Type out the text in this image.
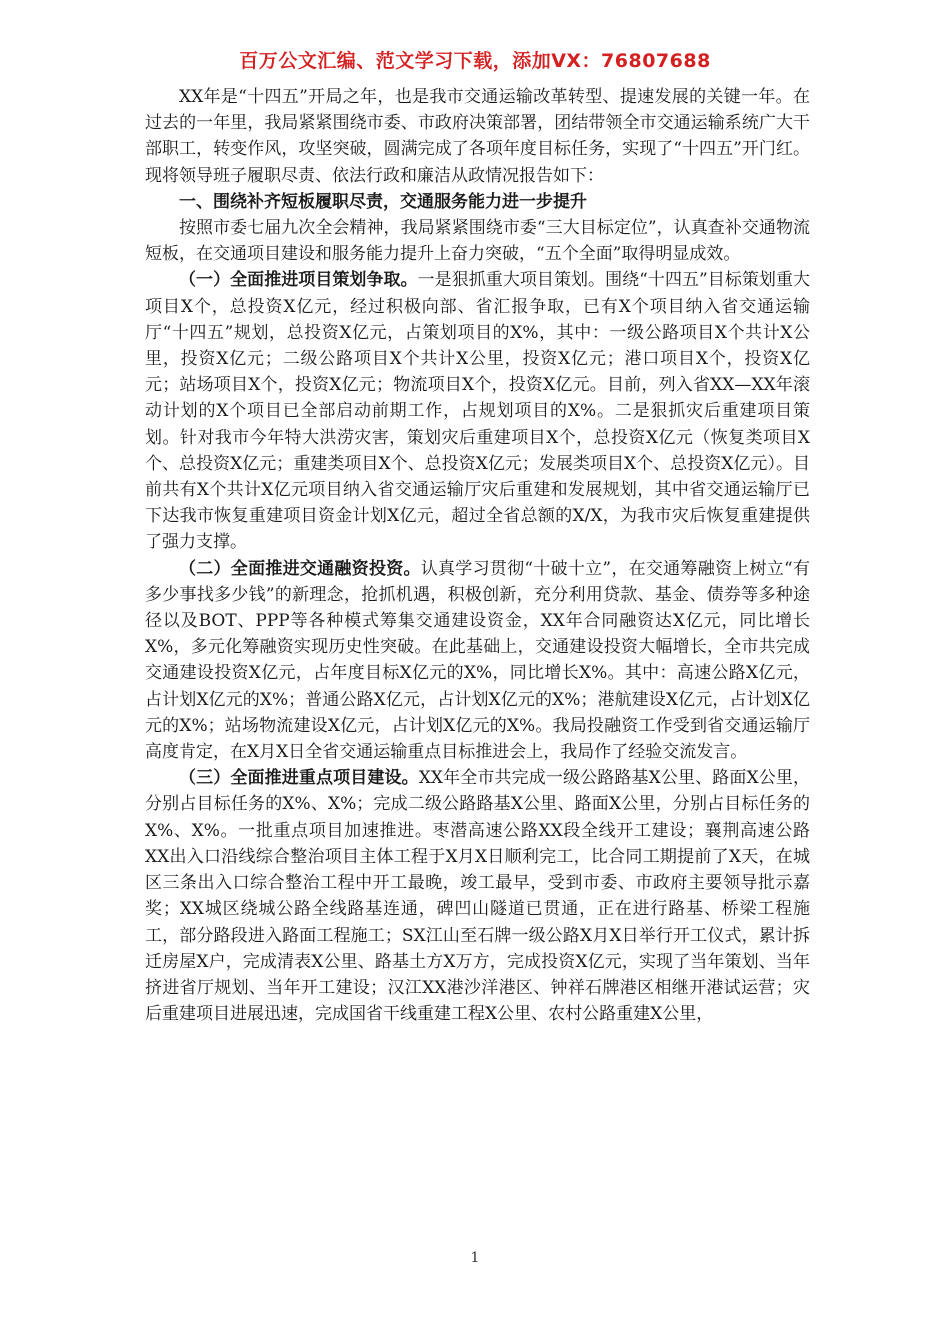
百万公文汇编、范文学习下载，添加VX：76807688

XX年是“十四五”开局之年，也是我市交通运输改革转型、提速发展的关键一年。在过去的一年里，我局紧紧围绕市委、市政府决策部署，团结带领全市交通运输系统广大干部职工，转变作风，攻坚突破，圆满完成了各项年度目标任务，实现了“十四五”开门红。现将领导班子履职尽责、依法行政和廉洁从政情况报告如下：

一、围绕补齐短板履职尽责，交通服务能力进一步提升

按照市委七届九次全会精神，我局紧紧围绕市委“三大目标定位”，认真查补交通物流短板，在交通项目建设和服务能力提升上奋力突破，“五个全面”取得明显成效。

（一）全面推进项目策划争取。一是狠抓重大项目策划。围绕“十四五”目标策划重大项目X个，总投资X亿元，经过积极向部、省汇报争取，已有X个项目纳入省交通运输厅“十四五”规划，总投资X亿元，占策划项目的X%，其中：一级公路项目X个共计X公里，投资X亿元；二级公路项目X个共计X公里，投资X亿元；港口项目X个，投资X亿元；站场项目X个，投资X亿元；物流项目X个，投资X亿元。目前，列入省XX—XX年滚动计划的X个项目已全部启动前期工作，占规划项目的X%。二是狠抓灾后重建项目策划。针对我市今年特大洪涝灾害，策划灾后重建项目X个，总投资X亿元（恢复类项目X个、总投资X亿元；重建类项目X个、总投资X亿元；发展类项目X个、总投资X亿元）。目前共有X个共计X亿元项目纳入省交通运输厅灾后重建和发展规划，其中省交通运输厅已下达我市恢复重建项目资金计划X亿元，超过全省总额的X/X，为我市灾后恢复重建提供了强力支撑。

（二）全面推进交通融资投资。认真学习贯彻“十破十立”，在交通筹融资上树立“有多少事找多少钱”的新理念，抢抓机遇，积极创新，充分利用贷款、基金、债券等多种途径以及BOT、PPP等各种模式筹集交通建设资金，XX年合同融资达X亿元，同比增长X%，多元化筹融资实现历史性突破。在此基础上，交通建设投资大幅增长，全市共完成交通建设投资X亿元，占年度目标X亿元的X%，同比增长X%。其中：高速公路X亿元，占计划X亿元的X%；普通公路X亿元，占计划X亿元的X%；港航建设X亿元，占计划X亿元的X%；站场物流建设X亿元，占计划X亿元的X%。我局投融资工作受到省交通运输厅高度肯定，在X月X日全省交通运输重点目标推进会上，我局作了经验交流发言。

（三）全面推进重点项目建设。XX年全市共完成一级公路路基X公里、路面X公里，分别占目标任务的X%、X%；完成二级公路路基X公里、路面X公里，分别占目标任务的X%、X%。一批重点项目加速推进。枣潜高速公路XX段全线开工建设；襄荆高速公路XX出入口沿线综合整治项目主体工程于X月X日顺利完工，比合同工期提前了X天，在城区三条出入口综合整治工程中开工最晚，竣工最早，受到市委、市政府主要领导批示嘉奖；XX城区绕城公路全线路基连通，碑凹山隧道已贯通，正在进行路基、桥梁工程施工，部分路段进入路面工程施工；SX江山至石牌一级公路X月X日举行开工仪式，累计拆迁房屋X户，完成清表X公里、路基土方X万方，完成投资X亿元，实现了当年策划、当年挤进省厅规划、当年开工建设；汉江XX港沙洋港区、钟祥石牌港区相继开港试运营；灾后重建项目进展迅速，完成国省干线重建工程X公里、农村公路重建X公里，

1
